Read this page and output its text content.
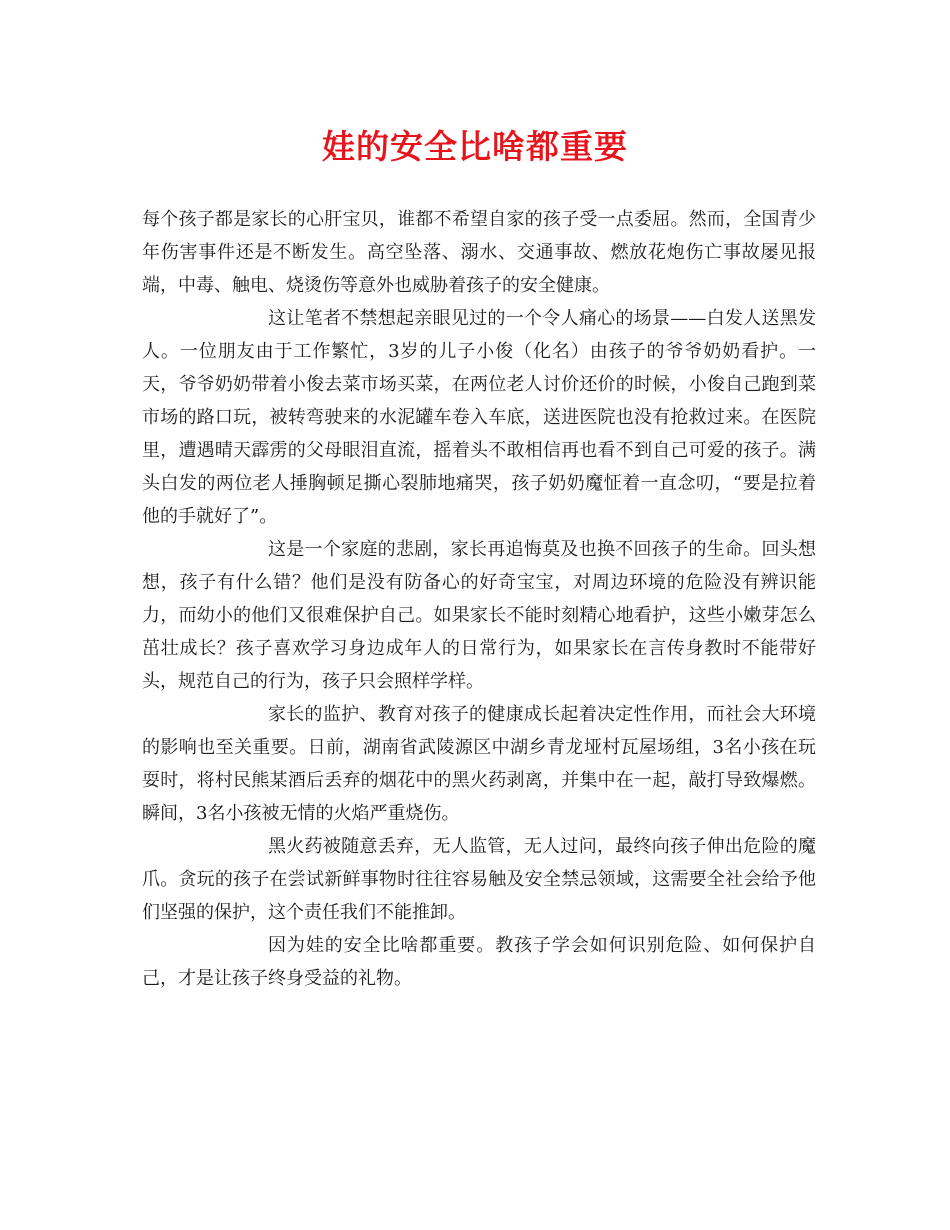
娃的安全比啥都重要

每个孩子都是家长的心肝宝贝，谁都不希望自家的孩子受一点委屈。然而，全国青少年伤害事件还是不断发生。高空坠落、溺水、交通事故、燃放花炮伤亡事故屡见报端，中毒、触电、烧烫伤等意外也威胁着孩子的安全健康。

这让笔者不禁想起亲眼见过的一个令人痛心的场景——白发人送黑发人。一位朋友由于工作繁忙，3岁的儿子小俊（化名）由孩子的爷爷奶奶看护。一天，爷爷奶奶带着小俊去菜市场买菜，在两位老人讨价还价的时候，小俊自己跑到菜市场的路口玩，被转弯驶来的水泥罐车卷入车底，送进医院也没有抢救过来。在医院里，遭遇晴天霹雳的父母眼泪直流，摇着头不敢相信再也看不到自己可爱的孩子。满头白发的两位老人捶胸顿足撕心裂肺地痛哭，孩子奶奶魔怔着一直念叨，“要是拉着他的手就好了”。

这是一个家庭的悲剧，家长再追悔莫及也换不回孩子的生命。回头想想，孩子有什么错？他们是没有防备心的好奇宝宝，对周边环境的危险没有辨识能力，而幼小的他们又很难保护自己。如果家长不能时刻精心地看护，这些小嫩芽怎么茁壮成长？孩子喜欢学习身边成年人的日常行为，如果家长在言传身教时不能带好头，规范自己的行为，孩子只会照样学样。

家长的监护、教育对孩子的健康成长起着决定性作用，而社会大环境的影响也至关重要。日前，湖南省武陵源区中湖乡青龙垭村瓦屋场组，3名小孩在玩耍时，将村民熊某酒后丢弃的烟花中的黑火药剥离，并集中在一起，敲打导致爆燃。瞬间，3名小孩被无情的火焰严重烧伤。

黑火药被随意丢弃，无人监管，无人过问，最终向孩子伸出危险的魔爪。贪玩的孩子在尝试新鲜事物时往往容易触及安全禁忌领域，这需要全社会给予他们坚强的保护，这个责任我们不能推卸。

因为娃的安全比啥都重要。教孩子学会如何识别危险、如何保护自己，才是让孩子终身受益的礼物。
